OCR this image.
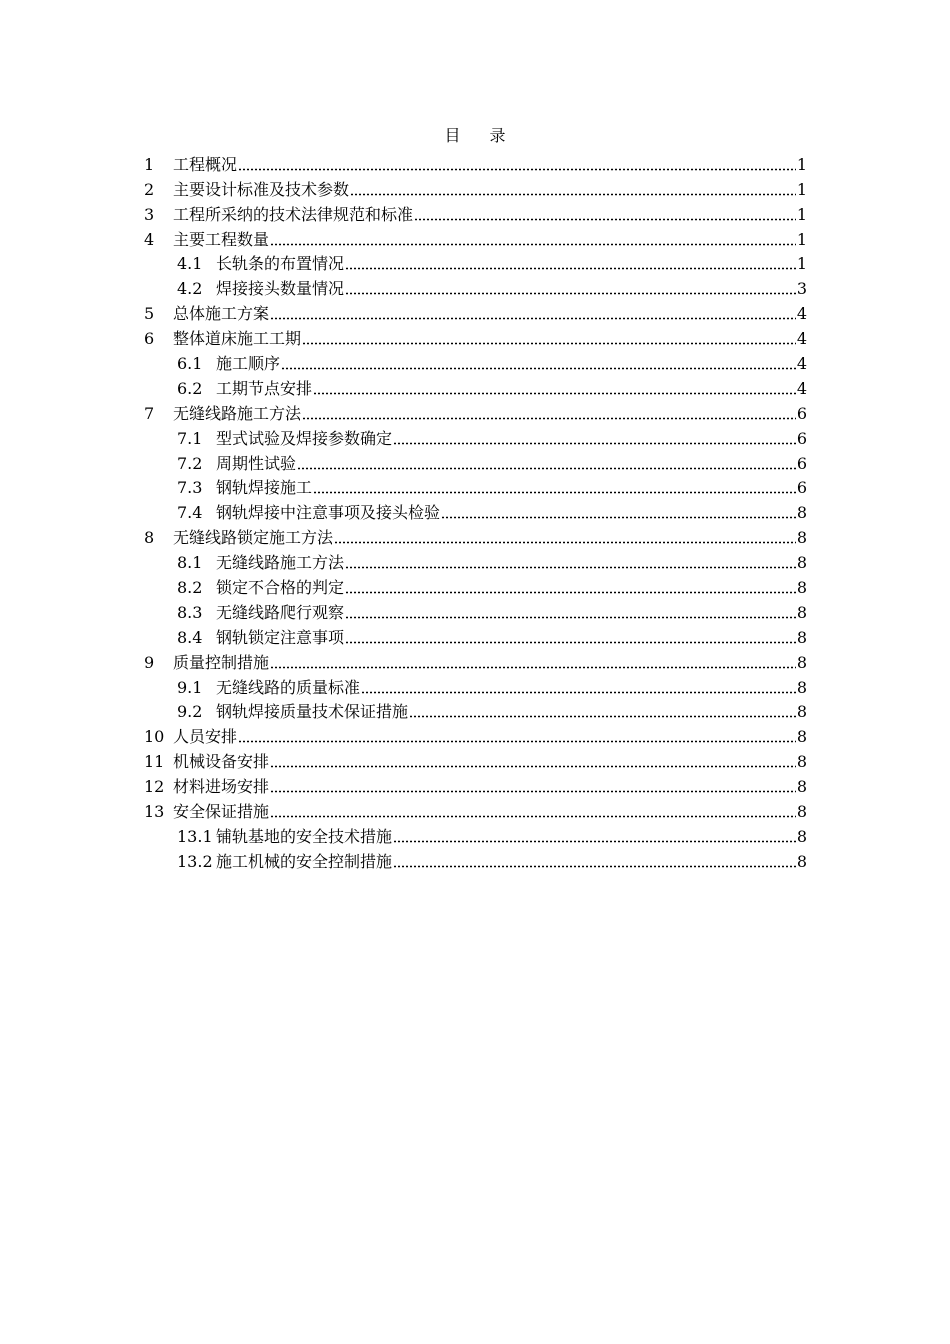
目 录
1	工程概况	1
2	主要设计标准及技术参数	1
3	工程所采纳的技术法律规范和标准	1
4	主要工程数量	1
4.1 长轨条的布置情况	1
4.2 焊接接头数量情况	3
5	总体施工方案	4
6	整体道床施工工期	4
6.1 施工顺序	4
6.2 工期节点安排	4
7	无缝线路施工方法	6
7.1 型式试验及焊接参数确定	6
7.2 周期性试验	6
7.3 钢轨焊接施工	6
7.4 钢轨焊接中注意事项及接头检验	8
8	无缝线路锁定施工方法	8
8.1 无缝线路施工方法	8
8.2 锁定不合格的判定	8
8.3 无缝线路爬行观察	8
8.4 钢轨锁定注意事项	8
9	质量控制措施	8
9.1 无缝线路的质量标准	8
9.2 钢轨焊接质量技术保证措施	8
10 人员安排	8
11 机械设备安排	8
12 材料进场安排	8
13 安全保证措施	8
13.1 铺轨基地的安全技术措施	8
13.2 施工机械的安全控制措施	8
